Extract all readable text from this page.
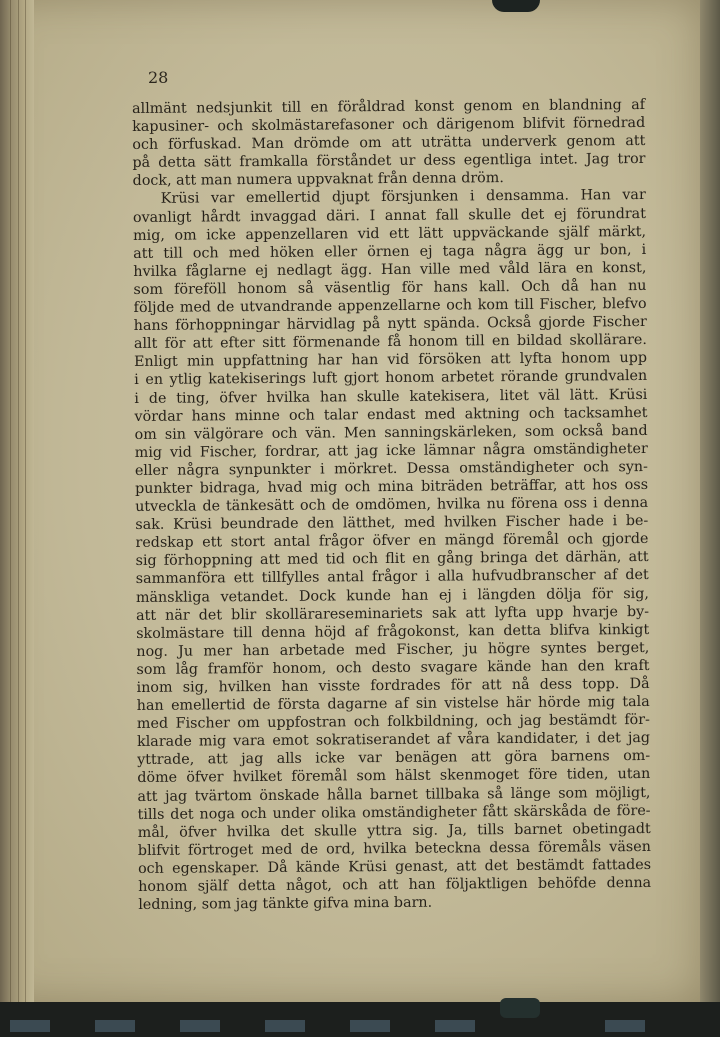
28

allmänt nedsjunkit till en föråldrad konst genom en blandning af
kapusiner- och skolmästarefasoner och därigenom blifvit förnedrad
och förfuskad. Man drömde om att uträtta underverk genom att
på detta sätt framkalla förståndet ur dess egentliga intet. Jag tror
dock, att man numera uppvaknat från denna dröm.
Krüsi var emellertid djupt försjunken i densamma. Han var
ovanligt hårdt invaggad däri. I annat fall skulle det ej förundrat
mig, om icke appenzellaren vid ett lätt uppväckande själf märkt,
att till och med höken eller örnen ej taga några ägg ur bon, i
hvilka fåglarne ej nedlagt ägg. Han ville med våld lära en konst,
som föreföll honom så väsentlig för hans kall. Och då han nu
följde med de utvandrande appenzellarne och kom till Fischer, blefvo
hans förhoppningar härvidlag på nytt spända. Också gjorde Fischer
allt för att efter sitt förmenande få honom till en bildad skollärare.
Enligt min uppfattning har han vid försöken att lyfta honom upp
i en ytlig katekiserings luft gjort honom arbetet rörande grundvalen
i de ting, öfver hvilka han skulle katekisera, litet väl lätt. Krüsi
vördar hans minne och talar endast med aktning och tacksamhet
om sin välgörare och vän. Men sanningskärleken, som också band
mig vid Fischer, fordrar, att jag icke lämnar några omständigheter
eller några synpunkter i mörkret. Dessa omständigheter och syn-
punkter bidraga, hvad mig och mina biträden beträffar, att hos oss
utveckla de tänkesätt och de omdömen, hvilka nu förena oss i denna
sak. Krüsi beundrade den lätthet, med hvilken Fischer hade i be-
redskap ett stort antal frågor öfver en mängd föremål och gjorde
sig förhoppning att med tid och flit en gång bringa det därhän, att
sammanföra ett tillfylles antal frågor i alla hufvudbranscher af det
mänskliga vetandet. Dock kunde han ej i längden dölja för sig,
att när det blir skollärareseminariets sak att lyfta upp hvarje by-
skolmästare till denna höjd af frågokonst, kan detta blifva kinkigt
nog. Ju mer han arbetade med Fischer, ju högre syntes berget,
som låg framför honom, och desto svagare kände han den kraft
inom sig, hvilken han visste fordrades för att nå dess topp. Då
han emellertid de första dagarne af sin vistelse här hörde mig tala
med Fischer om uppfostran och folkbildning, och jag bestämdt för-
klarade mig vara emot sokratiserandet af våra kandidater, i det jag
yttrade, att jag alls icke var benägen att göra barnens om-
döme öfver hvilket föremål som hälst skenmoget före tiden, utan
att jag tvärtom önskade hålla barnet tillbaka så länge som möjligt,
tills det noga och under olika omständigheter fått skärskåda de före-
mål, öfver hvilka det skulle yttra sig. Ja, tills barnet obetingadt
blifvit förtroget med de ord, hvilka beteckna dessa föremåls väsen
och egenskaper. Då kände Krüsi genast, att det bestämdt fattades
honom själf detta något, och att han följaktligen behöfde denna
ledning, som jag tänkte gifva mina barn.
